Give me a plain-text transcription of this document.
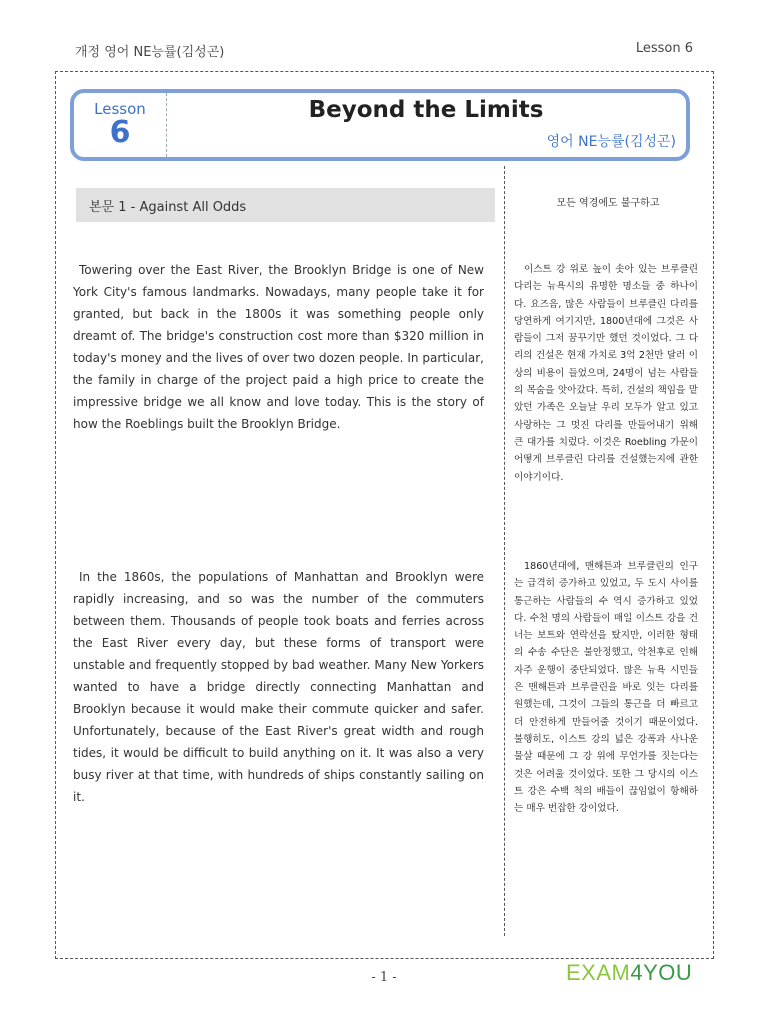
개정 영어 NE능률(김성곤)	Lesson 6
Lesson
6
Beyond the Limits
영어 NE능률(김성곤)
본문 1 - Against All Odds
Towering over the East River, the Brooklyn Bridge is one of New York City's famous landmarks. Nowadays, many people take it for granted, but back in the 1800s it was something people only dreamt of. The bridge's construction cost more than $320 million in today's money and the lives of over two dozen people. In particular, the family in charge of the project paid a high price to create the impressive bridge we all know and love today. This is the story of how the Roeblings built the Brooklyn Bridge.
In the 1860s, the populations of Manhattan and Brooklyn were rapidly increasing, and so was the number of the commuters between them. Thousands of people took boats and ferries across the East River every day, but these forms of transport were unstable and frequently stopped by bad weather. Many New Yorkers wanted to have a bridge directly connecting Manhattan and Brooklyn because it would make their commute quicker and safer. Unfortunately, because of the East River's great width and rough tides, it would be difficult to build anything on it. It was also a very busy river at that time, with hundreds of ships constantly sailing on it.
모든 역경에도 불구하고
이스트 강 위로 높이 솟아 있는 브루클린 다리는 뉴욕시의 유명한 명소들 중 하나이다. 요즈음, 많은 사람들이 브루클린 다리를 당연하게 여기지만, 1800년대에 그것은 사람들이 그저 꿈꾸기만 했던 것이었다. 그 다리의 건설은 현재 가치로 3억 2천만 달러 이상의 비용이 들었으며, 24명이 넘는 사람들의 목숨을 앗아갔다. 특히, 건설의 책임을 맡았던 가족은 오늘날 우리 모두가 알고 있고 사랑하는 그 멋진 다리를 만들어내기 위해 큰 대가를 치렀다. 이것은 Roebling 가문이 어떻게 브루클린 다리를 건설했는지에 관한 이야기이다.
1860년대에, 맨해튼과 브루클린의 인구는 급격히 증가하고 있었고, 두 도시 사이를 통근하는 사람들의 수 역시 증가하고 있었다. 수천 명의 사람들이 매일 이스트 강을 건너는 보트와 연락선을 탔지만, 이러한 형태의 수송 수단은 불안정했고, 악천후로 인해 자주 운행이 중단되었다. 많은 뉴욕 시민들은 맨해튼과 브루클린을 바로 잇는 다리를 원했는데, 그것이 그들의 통근을 더 빠르고 더 안전하게 만들어줄 것이기 때문이었다. 불행히도, 이스트 강의 넓은 강폭과 사나운 물살 때문에 그 강 위에 무언가를 짓는다는 것은 어려울 것이었다. 또한 그 당시의 이스트 강은 수백 척의 배들이 끊임없이 항해하는 매우 번잡한 강이었다.
- 1 -	EXAM4YOU
